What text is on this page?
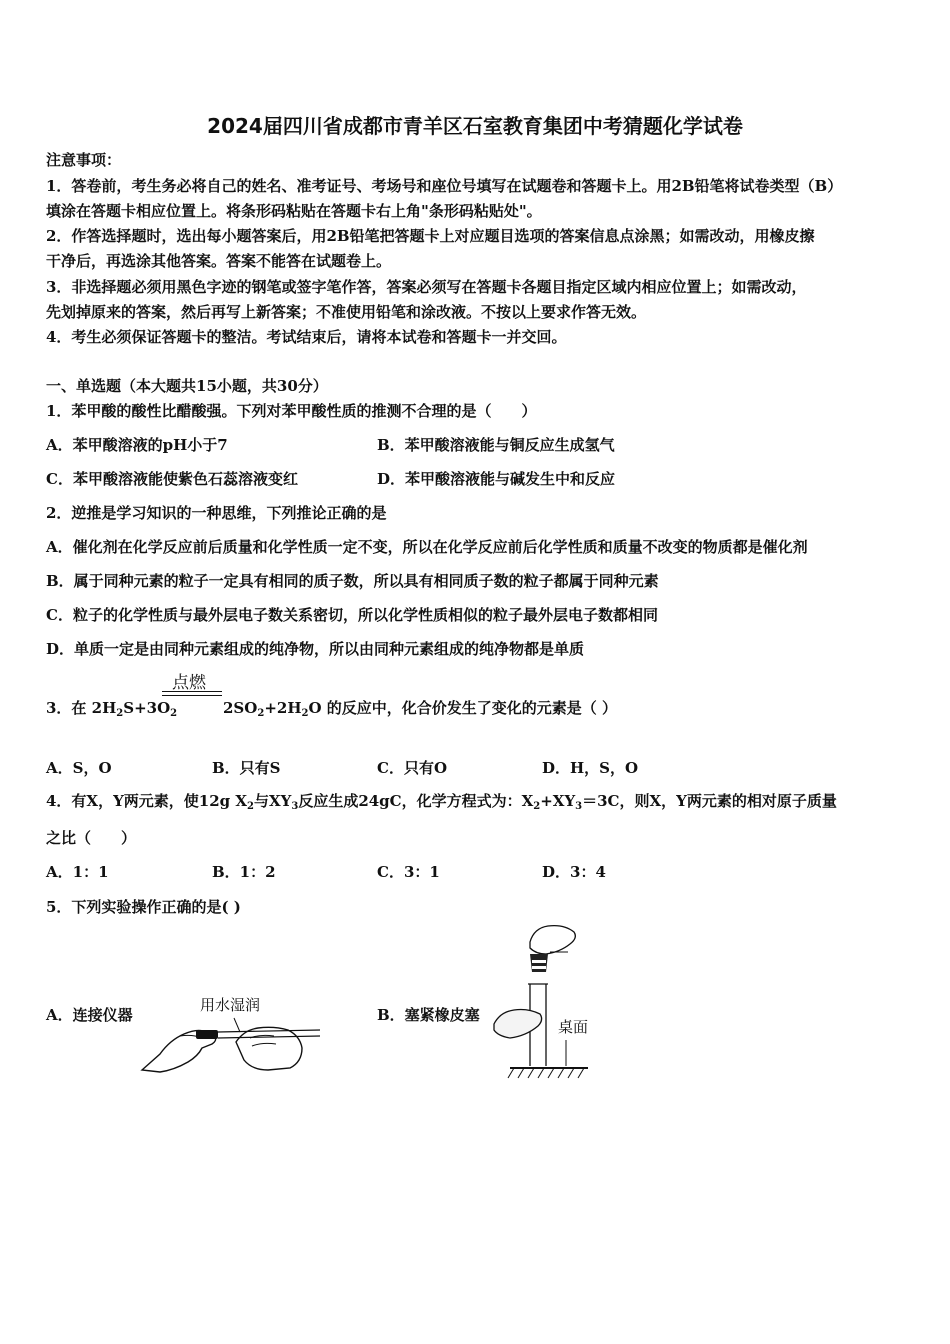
2024届四川省成都市青羊区石室教育集团中考猜题化学试卷
注意事项：
1．答卷前，考生务必将自己的姓名、准考证号、考场号和座位号填写在试题卷和答题卡上。用2B铅笔将试卷类型（B）
填涂在答题卡相应位置上。将条形码粘贴在答题卡右上角"条形码粘贴处"。
2．作答选择题时，选出每小题答案后，用2B铅笔把答题卡上对应题目选项的答案信息点涂黑；如需改动，用橡皮擦
干净后，再选涂其他答案。答案不能答在试题卷上。
3．非选择题必须用黑色字迹的钢笔或签字笔作答，答案必须写在答题卡各题目指定区域内相应位置上；如需改动，
先划掉原来的答案，然后再写上新答案；不准使用铅笔和涂改液。不按以上要求作答无效。
4．考生必须保证答题卡的整洁。考试结束后，请将本试卷和答题卡一并交回。
一、单选题（本大题共15小题，共30分）
1．苯甲酸的酸性比醋酸强。下列对苯甲酸性质的推测不合理的是（　　）
A．苯甲酸溶液的pH小于7	B．苯甲酸溶液能与铜反应生成氢气
C．苯甲酸溶液能使紫色石蕊溶液变红	D．苯甲酸溶液能与碱发生中和反应
2．逆推是学习知识的一种思维，下列推论正确的是
A．催化剂在化学反应前后质量和化学性质一定不变，所以在化学反应前后化学性质和质量不改变的物质都是催化剂
B．属于同种元素的粒子一定具有相同的质子数，所以具有相同质子数的粒子都属于同种元素
C．粒子的化学性质与最外层电子数关系密切，所以化学性质相似的粒子最外层电子数都相同
D．单质一定是由同种元素组成的纯净物，所以由同种元素组成的纯净物都是单质
点燃
3．在 $2H_2S+3O_2$	$2SO_2+2H_2O$ 的反应中，化合价发生了变化的元素是（ ）
A．S，O	B．只有S	C．只有O	D．H，S，O
4．有X，Y两元素，使12g $X_2$与$XY_3$反应生成24gC，化学方程式为：$X_2+XY_3=3C$，则X，Y两元素的相对原子质量
之比（　　）
A．1：1	B．1：2	C．3：1	D．3：4
5．下列实验操作正确的是( )
A．连接仪器	B．塞紧橡皮塞
用水湿润
桌面
